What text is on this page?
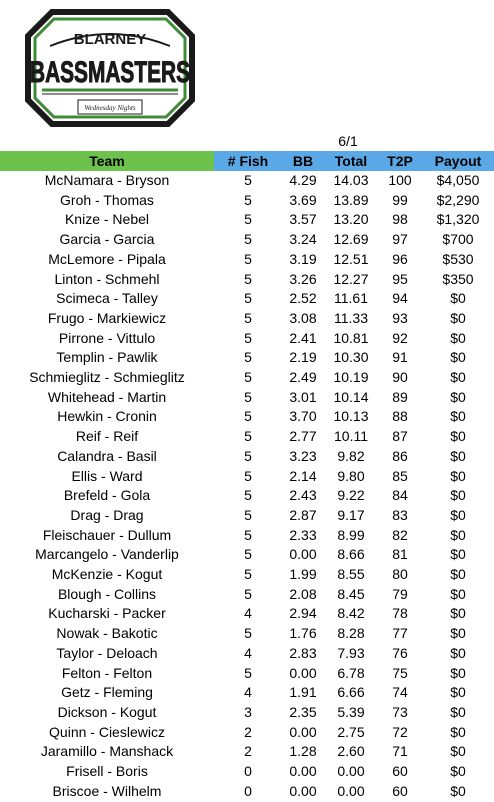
BLARNEY
BASSMASTERS
Wednesday Nights
6/1
Team	# Fish	BB	Total	T2P	Payout
McNamara - Bryson	5	4.29	14.03	100	$4,050
Groh - Thomas	5	3.69	13.89	99	$2,290
Knize - Nebel	5	3.57	13.20	98	$1,320
Garcia - Garcia	5	3.24	12.69	97	$700
McLemore - Pipala	5	3.19	12.51	96	$530
Linton - Schmehl	5	3.26	12.27	95	$350
Scimeca - Talley	5	2.52	11.61	94	$0
Frugo - Markiewicz	5	3.08	11.33	93	$0
Pirrone - Vittulo	5	2.41	10.81	92	$0
Templin - Pawlik	5	2.19	10.30	91	$0
Schmieglitz - Schmieglitz	5	2.49	10.19	90	$0
Whitehead - Martin	5	3.01	10.14	89	$0
Hewkin - Cronin	5	3.70	10.13	88	$0
Reif - Reif	5	2.77	10.11	87	$0
Calandra - Basil	5	3.23	9.82	86	$0
Ellis - Ward	5	2.14	9.80	85	$0
Brefeld - Gola	5	2.43	9.22	84	$0
Drag - Drag	5	2.87	9.17	83	$0
Fleischauer - Dullum	5	2.33	8.99	82	$0
Marcangelo - Vanderlip	5	0.00	8.66	81	$0
McKenzie - Kogut	5	1.99	8.55	80	$0
Blough - Collins	5	2.08	8.45	79	$0
Kucharski - Packer	4	2.94	8.42	78	$0
Nowak - Bakotic	5	1.76	8.28	77	$0
Taylor - Deloach	4	2.83	7.93	76	$0
Felton - Felton	5	0.00	6.78	75	$0
Getz - Fleming	4	1.91	6.66	74	$0
Dickson - Kogut	3	2.35	5.39	73	$0
Quinn - Cieslewicz	2	0.00	2.75	72	$0
Jaramillo - Manshack	2	1.28	2.60	71	$0
Frisell - Boris	0	0.00	0.00	60	$0
Briscoe - Wilhelm	0	0.00	0.00	60	$0
